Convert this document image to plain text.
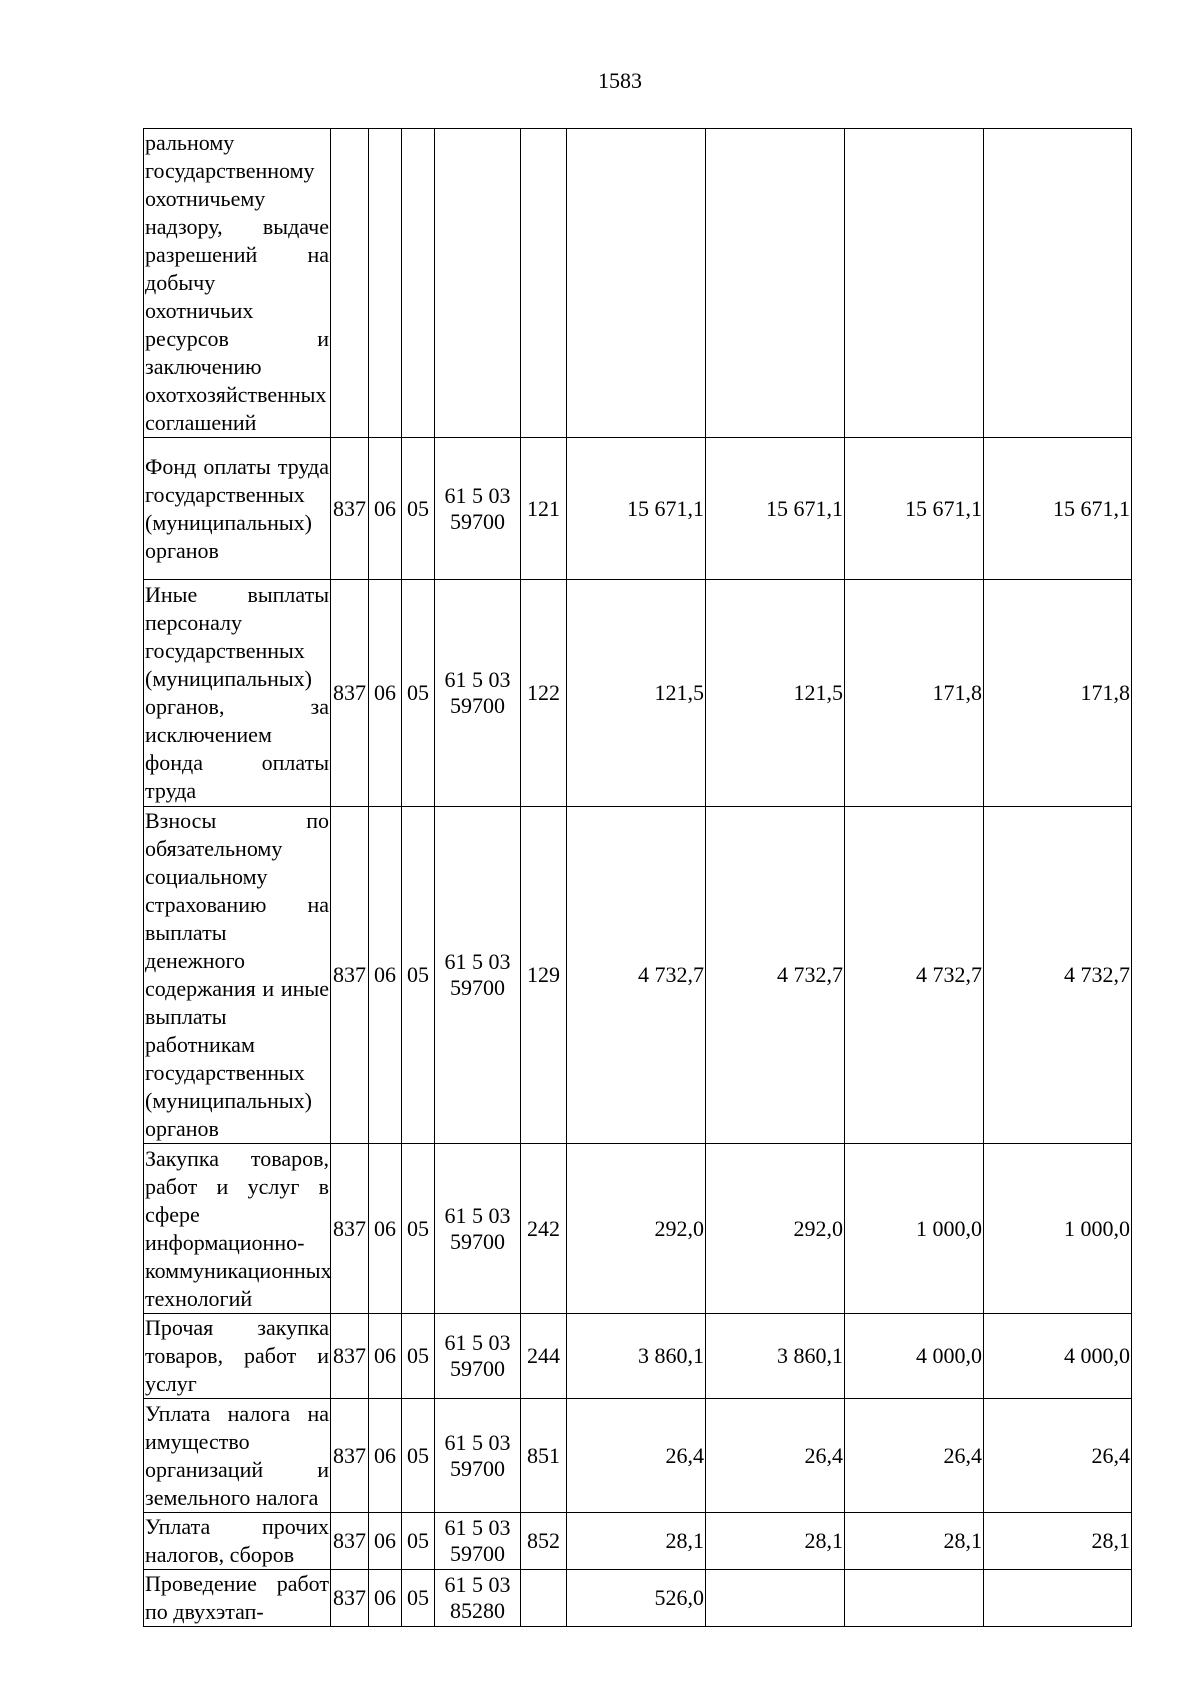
1583
ральному государственному охотничьему надзору, выдаче разрешений на добычу охотничьих ресурсов и заключению охотхозяйственных соглашений									
Фонд оплаты труда государственных (муниципальных) органов	837	06	05	61 5 03 59700	121	15 671,1	15 671,1	15 671,1	15 671,1
Иные выплаты персоналу государственных (муниципальных) органов, за исключением фонда оплаты труда	837	06	05	61 5 03 59700	122	121,5	121,5	171,8	171,8
Взносы по обязательному социальному страхованию на выплаты денежного содержания и иные выплаты работникам государственных (муниципальных) органов	837	06	05	61 5 03 59700	129	4 732,7	4 732,7	4 732,7	4 732,7
Закупка товаров, работ и услуг в сфере информационно-коммуникационных технологий	837	06	05	61 5 03 59700	242	292,0	292,0	1 000,0	1 000,0
Прочая закупка товаров, работ и услуг	837	06	05	61 5 03 59700	244	3 860,1	3 860,1	4 000,0	4 000,0
Уплата налога на имущество организаций и земельного налога	837	06	05	61 5 03 59700	851	26,4	26,4	26,4	26,4
Уплата прочих налогов, сборов	837	06	05	61 5 03 59700	852	28,1	28,1	28,1	28,1
Проведение работ по двухэтап-	837	06	05	61 5 03 85280		526,0			
